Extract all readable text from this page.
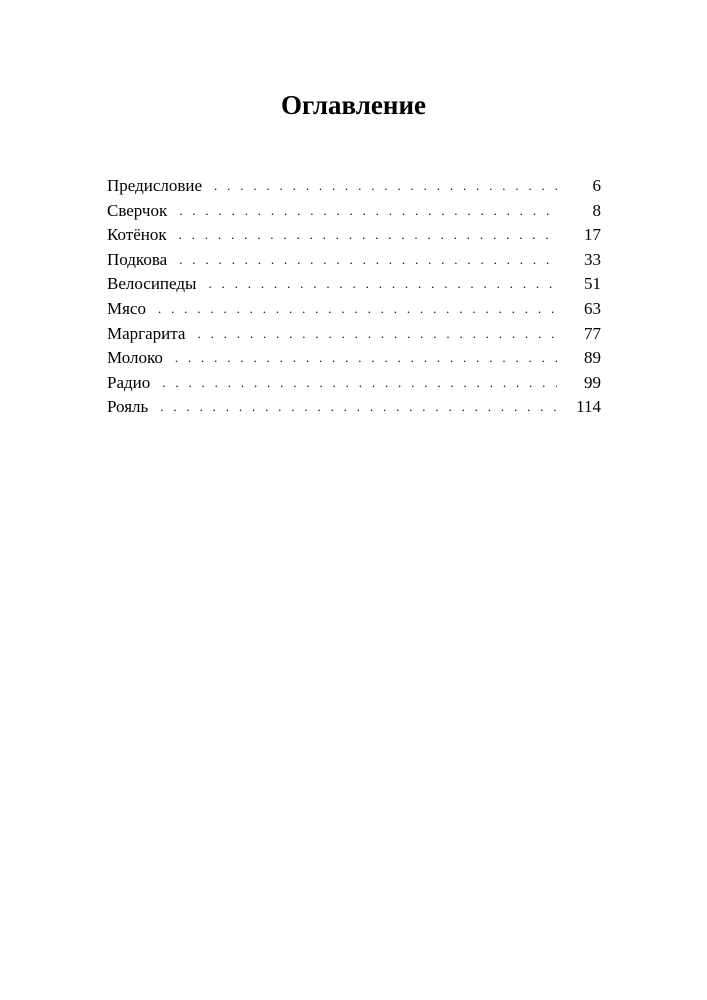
Оглавление
Предисловие . . .	6
Сверчок . . .	8
Котёнок . . .	17
Подкова . . .	33
Велосипеды . . .	51
Мясо . . .	63
Маргарита . . .	77
Молоко . . .	89
Радио . . .	99
Рояль . . .	114
